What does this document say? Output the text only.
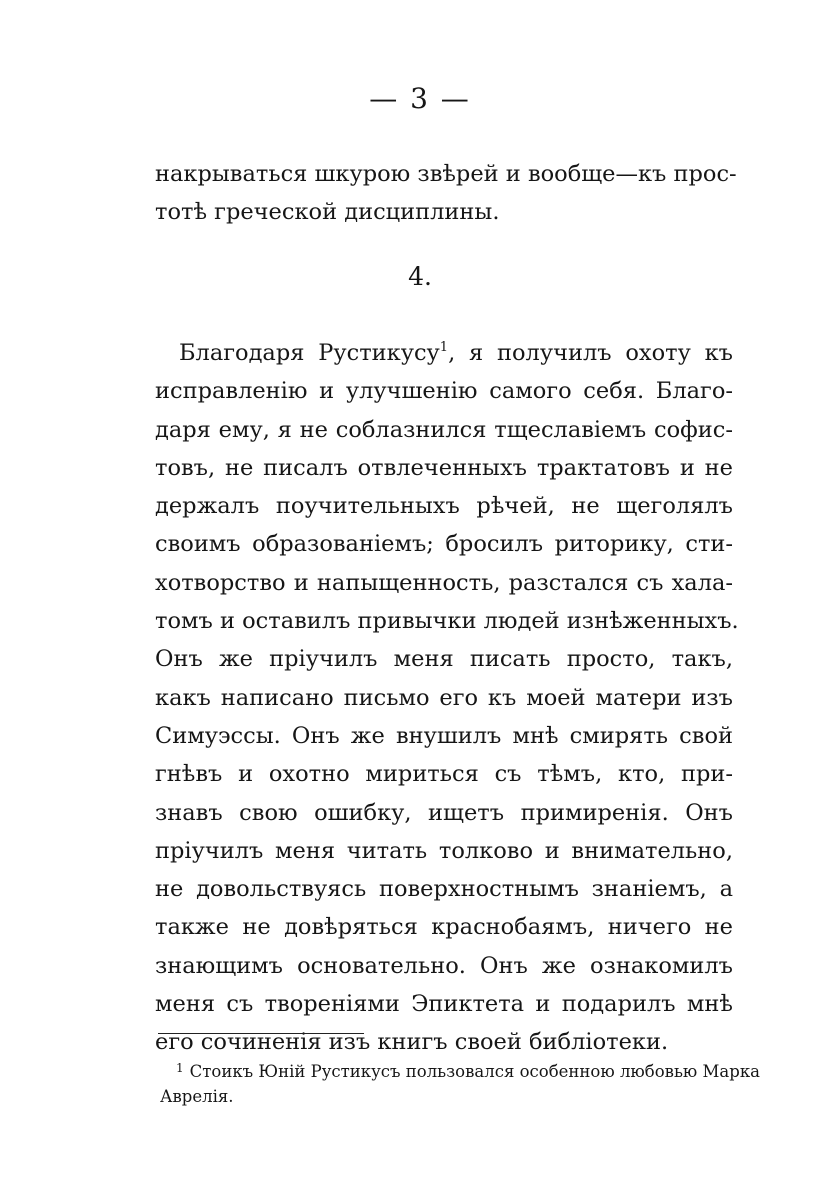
— 3 —
накрываться шкурою звѣрей и вообще—къ прос-
тотѣ греческой дисциплины.
4.
Благодаря Рустикусу$^1$, я получилъ охоту къ
исправленію и улучшенію самого себя. Благо-
даря ему, я не соблазнился тщеславіемъ софис-
товъ, не писалъ отвлеченныхъ трактатовъ и не
держалъ поучительныхъ рѣчей, не щеголялъ
своимъ образованіемъ; бросилъ риторику, сти-
хотворство и напыщенность, разстался съ хала-
томъ и оставилъ привычки людей изнѣженныхъ.
Онъ же пріучилъ меня писать просто, такъ,
какъ написано письмо его къ моей матери изъ
Симуэссы. Онъ же внушилъ мнѣ смирять свой
гнѣвъ и охотно мириться съ тѣмъ, кто, при-
знавъ свою ошибку, ищетъ примиренія. Онъ
пріучилъ меня читать толково и внимательно,
не довольствуясь поверхностнымъ знаніемъ, а
также не довѣряться краснобаямъ, ничего не
знающимъ основательно. Онъ же ознакомилъ
меня съ твореніями Эпиктета и подарилъ мнѣ
его сочиненія изъ книгъ своей библіотеки.
$^1$ Стоикъ Юній Рустикусъ пользовался особенною любовью Марка
Аврелія.
